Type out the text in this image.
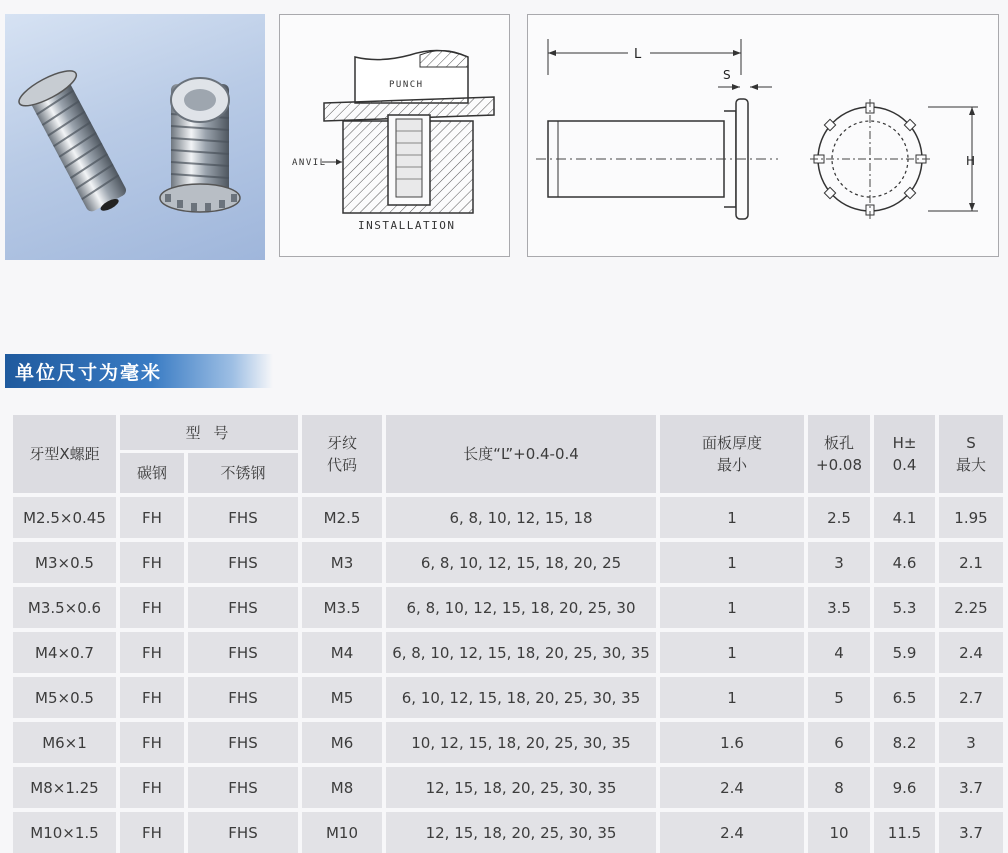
PUNCH
ANVIL
INSTALLATION
L
S
H
单位尺寸为毫米
牙型X螺距
型 号
碳钢	不锈钢
牙纹
代码
长度“L”+0.4-0.4
面板厚度
最小
板孔
+0.08
H±
0.4
S
最大
M2.5×0.45	FH	FHS	M2.5	6, 8, 10, 12, 15, 18	1	2.5	4.1	1.95
M3×0.5	FH	FHS	M3	6, 8, 10, 12, 15, 18, 20, 25	1	3	4.6	2.1
M3.5×0.6	FH	FHS	M3.5	6, 8, 10, 12, 15, 18, 20, 25, 30	1	3.5	5.3	2.25
M4×0.7	FH	FHS	M4	6, 8, 10, 12, 15, 18, 20, 25, 30, 35	1	4	5.9	2.4
M5×0.5	FH	FHS	M5	6, 10, 12, 15, 18, 20, 25, 30, 35	1	5	6.5	2.7
M6×1	FH	FHS	M6	10, 12, 15, 18, 20, 25, 30, 35	1.6	6	8.2	3
M8×1.25	FH	FHS	M8	12, 15, 18, 20, 25, 30, 35	2.4	8	9.6	3.7
M10×1.5	FH	FHS	M10	12, 15, 18, 20, 25, 30, 35	2.4	10	11.5	3.7
